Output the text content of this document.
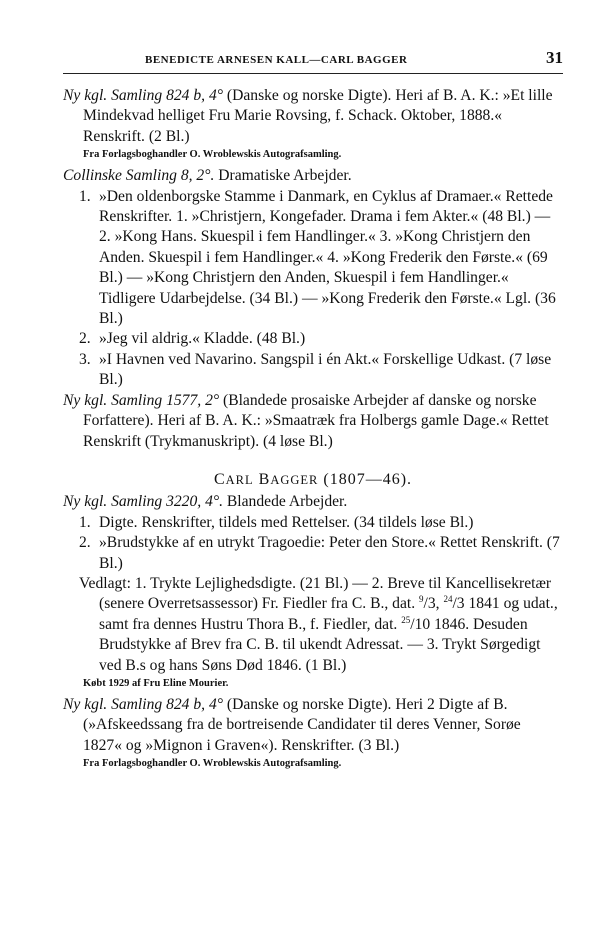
BENEDICTE ARNESEN KALL—CARL BAGGER	31
Ny kgl. Samling 824 b, 4° (Danske og norske Digte). Heri af B. A. K.: »Et lille Mindekvad helliget Fru Marie Rovsing, f. Schack. Oktober, 1888.« Renskrift. (2 Bl.)
Fra Forlagsboghandler O. Wroblewskis Autografsamling.
Collinske Samling 8, 2°. Dramatiske Arbejder.
1. »Den oldenborgske Stamme i Danmark, en Cyklus af Dramaer.« Rettede Renskrifter. 1. »Christjern, Kongefader. Drama i fem Akter.« (48 Bl.) — 2. »Kong Hans. Skuespil i fem Handlinger.« 3. »Kong Christjern den Anden. Skuespil i fem Handlinger.« 4. »Kong Frederik den Første.« (69 Bl.) — »Kong Christjern den Anden, Skuespil i fem Handlinger.« Tidligere Udarbejdelse. (34 Bl.) — »Kong Frederik den Første.« Lgl. (36 Bl.)
2. »Jeg vil aldrig.« Kladde. (48 Bl.)
3. »I Havnen ved Navarino. Sangspil i én Akt.« Forskellige Udkast. (7 løse Bl.)
Ny kgl. Samling 1577, 2° (Blandede prosaiske Arbejder af danske og norske Forfattere). Heri af B. A. K.: »Smaatræk fra Holbergs gamle Dage.« Rettet Renskrift (Trykmanuskript). (4 løse Bl.)
CARL BAGGER (1807—46).
Ny kgl. Samling 3220, 4°. Blandede Arbejder.
1. Digte. Renskrifter, tildels med Rettelser. (34 tildels løse Bl.)
2. »Brudstykke af en utrykt Tragoedie: Peter den Store.« Rettet Renskrift. (7 Bl.)
Vedlagt: 1. Trykte Lejlighedsdigte. (21 Bl.) — 2. Breve til Kancellisekretær (senere Overretsassessor) Fr. Fiedler fra C. B., dat. $^9$/3, $^{24}$/3 1841 og udat., samt fra dennes Hustru Thora B., f. Fiedler, dat. $^{25}$/10 1846. Desuden Brudstykke af Brev fra C. B. til ukendt Adressat. — 3. Trykt Sørgedigt ved B.s og hans Søns Død 1846. (1 Bl.)
Købt 1929 af Fru Eline Mourier.
Ny kgl. Samling 824 b, 4° (Danske og norske Digte). Heri 2 Digte af B. (»Afskeedssang fra de bortreisende Candidater til deres Venner, Sorøe 1827« og »Mignon i Graven«). Renskrifter. (3 Bl.)
Fra Forlagsboghandler O. Wroblewskis Autografsamling.
